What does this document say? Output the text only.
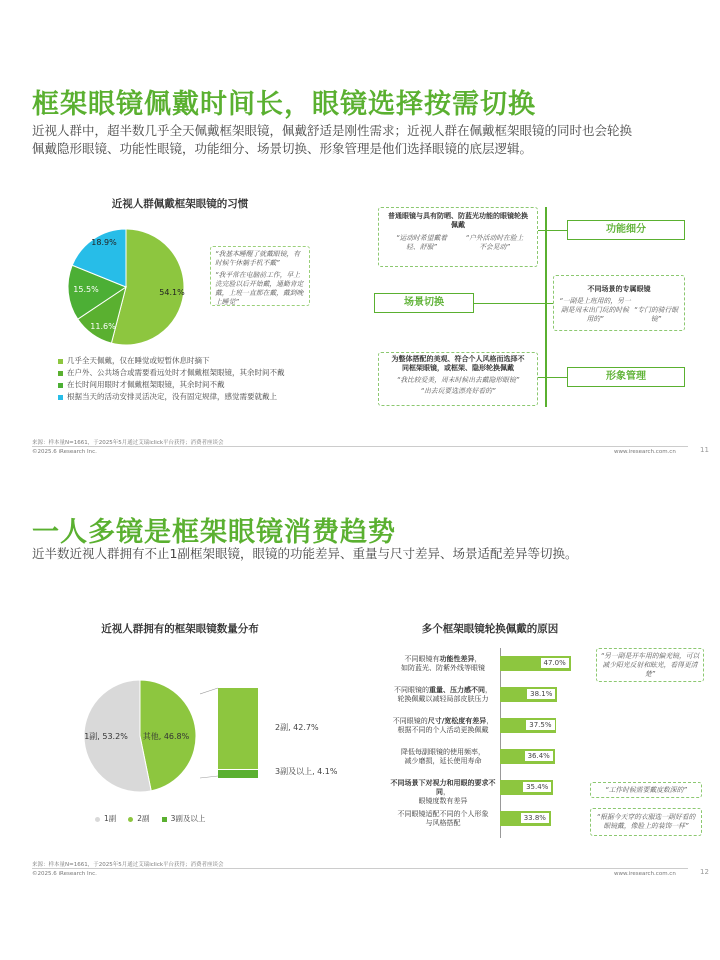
框架眼镜佩戴时间长，眼镜选择按需切换
近视人群中，超半数几乎全天佩戴框架眼镜，佩戴舒适是刚性需求；近视人群在佩戴框架眼镜的同时也会轮换
佩戴隐形眼镜、功能性眼镜，功能细分、场景切换、形象管理是他们选择眼镜的底层逻辑。
近视人群佩戴框架眼镜的习惯
54.1%
11.6%
15.5%
18.9%
“我基本睡醒了就戴眼镜，有时候午休躺手机不戴”
“我平常在电脑前工作，早上洗完脸以后开始戴，通勤肯定戴，上班一直都在戴，戴到晚上睡觉”
几乎全天佩戴，仅在睡觉或短暂休息时摘下
在户外、公共场合或需要看远处时才佩戴框架眼镜，其余时间不戴
在长时间用眼时才佩戴框架眼镜，其余时间不戴
根据当天的活动安排灵活决定，没有固定规律，感觉需要就戴上
普通眼镜与具有防晒、防蓝光功能的眼镜轮换佩戴
“运动时希望戴着轻、舒服”
“户外活动时在脸上不会晃动”
功能细分
场景切换
不同场景的专属眼镜
“一副是上班用的，另一副是周末出门玩的时候用的”
“专门的骑行眼镜”
为整体搭配的美观、符合个人风格而选择不同框架眼镜，或框架、隐形轮换佩戴
“我比较爱美，周末时候出去戴隐形眼镜”
“出去玩要选漂亮好看的”
形象管理
来源：样本量N=1661，于2025年5月通过艾瑞iclick平台获得；消费者座谈会
©2025.6 iResearch Inc.	www.iresearch.com.cn	11
一人多镜是框架眼镜消费趋势
近半数近视人群拥有不止1副框架眼镜，眼镜的功能差异、重量与尺寸差异、场景适配差异等切换。
近视人群拥有的框架眼镜数量分布
1副, 53.2% 其他, 46.8%
2副, 42.7%
3副及以上, 4.1%
1副	2副	3副及以上
多个框架眼镜轮换佩戴的原因
不同眼镜有功能性差异，
如防蓝光、防紫外线等眼镜
47.0%
不同眼镜的重量、压力感不同，
轮换佩戴以减轻局部皮肤压力
38.1%
不同眼镜的尺寸/宽松度有差异，
根据不同的个人活动更换佩戴
37.5%
降低每副眼镜的使用频率，
减少磨损，延长使用寿命
36.4%
不同场景下对视力和用眼的要求不同，
眼镜度数有差异
35.4%
不同眼镜适配不同的个人形象
与风格搭配
33.8%
“另一副是开车用的偏光镜，可以减少阳光反射和眩光，看得更清楚”
“工作时候需要戴度数深的”
“根据今天穿的衣服选一副好看的眼镜戴，像脸上的装饰一样”
来源：样本量N=1661，于2025年5月通过艾瑞iclick平台获得；消费者座谈会
©2025.6 iResearch Inc.	www.iresearch.com.cn	12
